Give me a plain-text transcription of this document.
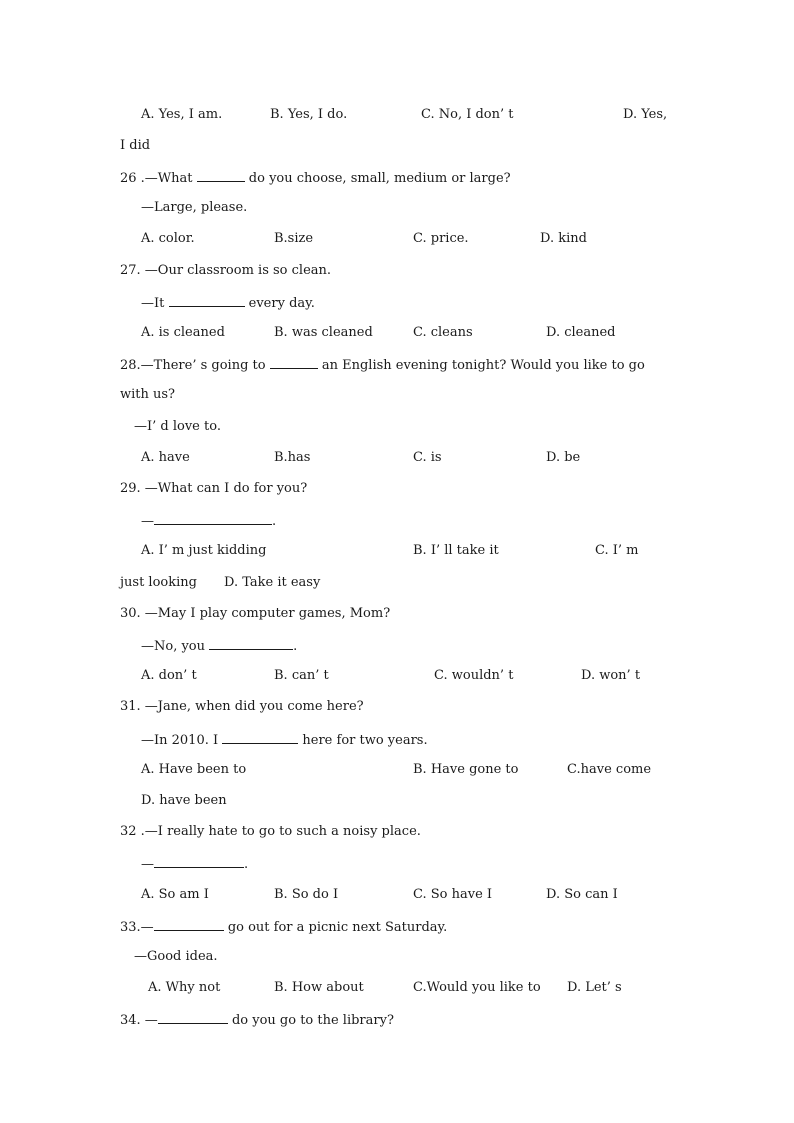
A. Yes, I am.	B. Yes, I do.	C. No, I don’ t	D. Yes,
I did
26 .—What	do you choose, small, medium or large?
—Large, please.
A. color.	B.size	C. price.	D. kind
27. —Our classroom is so clean.
—It	every day.
A. is cleaned	B. was cleaned	C. cleans	D. cleaned
28.—There’ s going to	an English evening tonight? Would you like to go
with us?
—I’ d love to.
A. have	B.has	C. is	D. be
29. —What can I do for you?
—	.
A. I’ m just kidding	B. I’ ll take it	C. I’ m
just looking D. Take it easy
30. —May I play computer games, Mom?
—No, you	.
A. don’ t	B. can’ t	C. wouldn’ t	D. won’ t
31. —Jane, when did you come here?
—In 2010. I	here for two years.
A. Have been to	B. Have gone to	C.have come
D. have been
32 .—I really hate to go to such a noisy place.
—	.
A. So am I	B. So do I	C. So have I	D. So can I
33.—	go out for a picnic next Saturday.
—Good idea.
A. Why not	B. How about	C.Would you like to D. Let’ s
34. —	do you go to the library?
